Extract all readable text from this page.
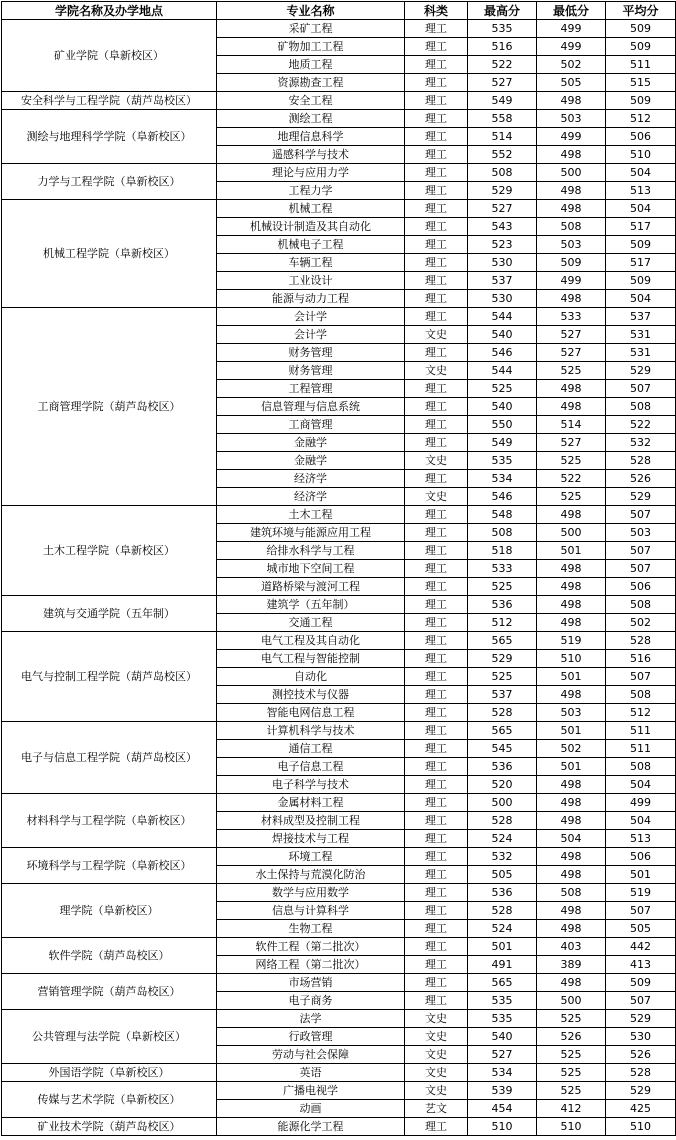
学院名称及办学地点	专业名称	科类	最高分	最低分	平均分
矿业学院（阜新校区）	采矿工程	理工	535	499	509
	矿物加工工程	理工	516	499	509
	地质工程	理工	522	502	511
	资源勘查工程	理工	527	505	515
安全科学与工程学院（葫芦岛校区）	安全工程	理工	549	498	509
测绘与地理科学学院（阜新校区）	测绘工程	理工	558	503	512
	地理信息科学	理工	514	499	506
	遥感科学与技术	理工	552	498	510
力学与工程学院（阜新校区）	理论与应用力学	理工	508	500	504
	工程力学	理工	529	498	513
机械工程学院（阜新校区）	机械工程	理工	527	498	504
	机械设计制造及其自动化	理工	543	508	517
	机械电子工程	理工	523	503	509
	车辆工程	理工	530	509	517
	工业设计	理工	537	499	509
	能源与动力工程	理工	530	498	504
工商管理学院（葫芦岛校区）	会计学	理工	544	533	537
	会计学	文史	540	527	531
	财务管理	理工	546	527	531
	财务管理	文史	544	525	529
	工程管理	理工	525	498	507
	信息管理与信息系统	理工	540	498	508
	工商管理	理工	550	514	522
	金融学	理工	549	527	532
	金融学	文史	535	525	528
	经济学	理工	534	522	526
	经济学	文史	546	525	529
土木工程学院（阜新校区）	土木工程	理工	548	498	507
	建筑环境与能源应用工程	理工	508	500	503
	给排水科学与工程	理工	518	501	507
	城市地下空间工程	理工	533	498	507
	道路桥梁与渡河工程	理工	525	498	506
建筑与交通学院（五年制）	建筑学（五年制）	理工	536	498	508
	交通工程	理工	512	498	502
电气与控制工程学院（葫芦岛校区）	电气工程及其自动化	理工	565	519	528
	电气工程与智能控制	理工	529	510	516
	自动化	理工	525	501	507
	测控技术与仪器	理工	537	498	508
	智能电网信息工程	理工	528	503	512
电子与信息工程学院（葫芦岛校区）	计算机科学与技术	理工	565	501	511
	通信工程	理工	545	502	511
	电子信息工程	理工	536	501	508
	电子科学与技术	理工	520	498	504
材料科学与工程学院（阜新校区）	金属材料工程	理工	500	498	499
	材料成型及控制工程	理工	528	498	504
	焊接技术与工程	理工	524	504	513
环境科学与工程学院（阜新校区）	环境工程	理工	532	498	506
	水土保持与荒漠化防治	理工	505	498	501
理学院（阜新校区）	数学与应用数学	理工	536	508	519
	信息与计算科学	理工	528	498	507
	生物工程	理工	524	498	505
软件学院（葫芦岛校区）	软件工程（第二批次）	理工	501	403	442
	网络工程（第二批次）	理工	491	389	413
营销管理学院（葫芦岛校区）	市场营销	理工	565	498	509
	电子商务	理工	535	500	507
公共管理与法学院（阜新校区）	法学	文史	535	525	529
	行政管理	文史	540	526	530
	劳动与社会保障	文史	527	525	526
外国语学院（阜新校区）	英语	文史	534	525	528
传媒与艺术学院（阜新校区）	广播电视学	文史	539	525	529
	动画	艺文	454	412	425
矿业技术学院（葫芦岛校区）	能源化学工程	理工	510	510	510
